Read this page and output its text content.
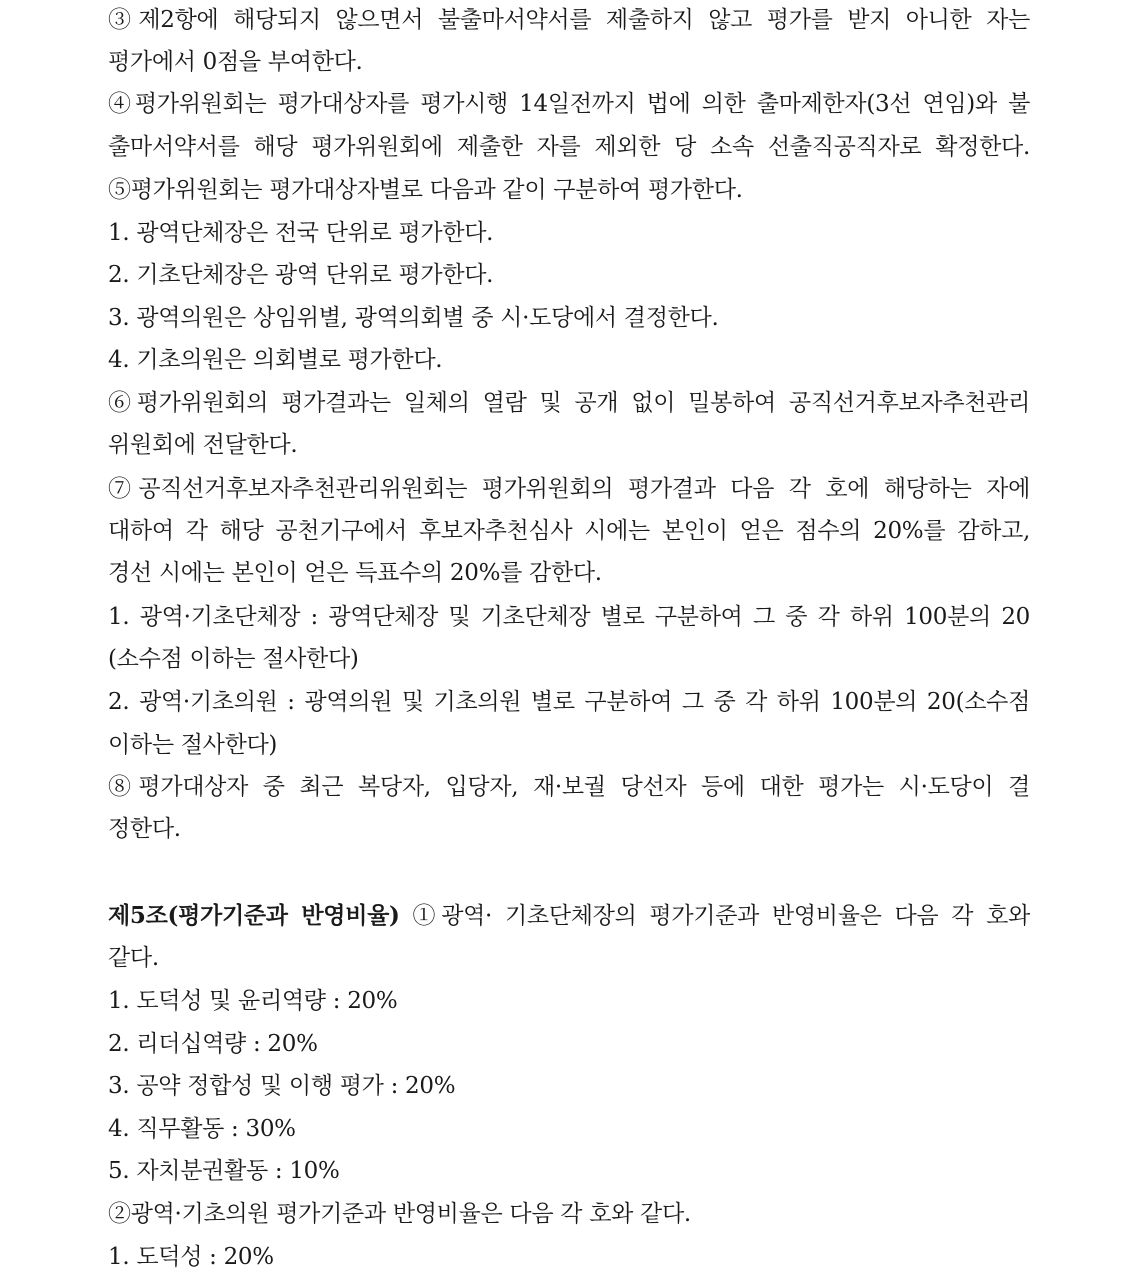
③제2항에 해당되지 않으면서 불출마서약서를 제출하지 않고 평가를 받지 아니한 자는
평가에서 0점을 부여한다.
④평가위원회는 평가대상자를 평가시행 14일전까지 법에 의한 출마제한자(3선 연임)와 불
출마서약서를 해당 평가위원회에 제출한 자를 제외한 당 소속 선출직공직자로 확정한다.
⑤평가위원회는 평가대상자별로 다음과 같이 구분하여 평가한다.
1. 광역단체장은 전국 단위로 평가한다.
2. 기초단체장은 광역 단위로 평가한다.
3. 광역의원은 상임위별, 광역의회별 중 시·도당에서 결정한다.
4. 기초의원은 의회별로 평가한다.
⑥평가위원회의 평가결과는 일체의 열람 및 공개 없이 밀봉하여 공직선거후보자추천관리
위원회에 전달한다.
⑦공직선거후보자추천관리위원회는 평가위원회의 평가결과 다음 각 호에 해당하는 자에
대하여 각 해당 공천기구에서 후보자추천심사 시에는 본인이 얻은 점수의 20%를 감하고,
경선 시에는 본인이 얻은 득표수의 20%를 감한다.
1. 광역·기초단체장 : 광역단체장 및 기초단체장 별로 구분하여 그 중 각 하위 100분의 20
(소수점 이하는 절사한다)
2. 광역·기초의원 : 광역의원 및 기초의원 별로 구분하여 그 중 각 하위 100분의 20(소수점
이하는 절사한다)
⑧평가대상자 중 최근 복당자, 입당자, 재·보궐 당선자 등에 대한 평가는 시·도당이 결
정한다.
제5조(평가기준과 반영비율) ①광역· 기초단체장의 평가기준과 반영비율은 다음 각 호와
같다.
1. 도덕성 및 윤리역량 : 20%
2. 리더십역량 : 20%
3. 공약 정합성 및 이행 평가 : 20%
4. 직무활동 : 30%
5. 자치분권활동 : 10%
②광역·기초의원 평가기준과 반영비율은 다음 각 호와 같다.
1. 도덕성 : 20%
